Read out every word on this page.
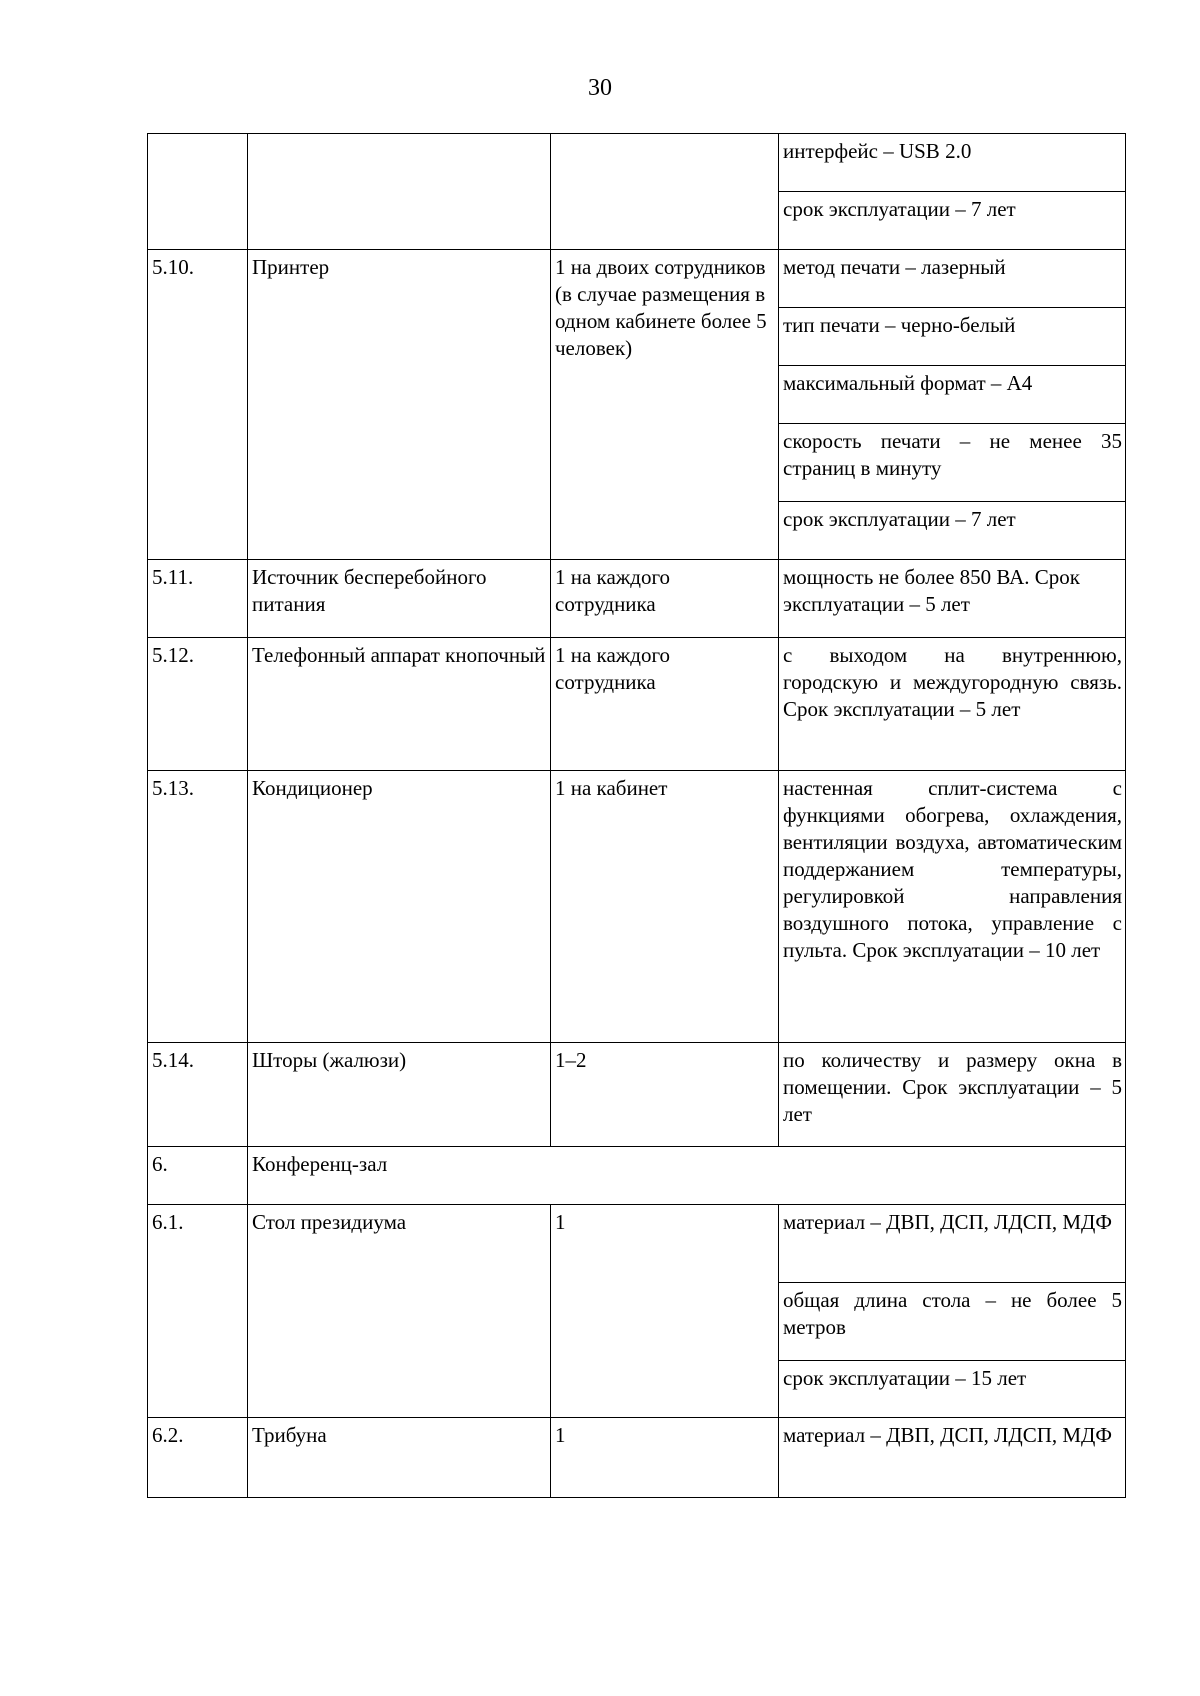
30
			интерфейс – USB 2.0
			срок эксплуатации – 7 лет
5.10.	Принтер	1 на двоих сотрудников (в случае размещения в одном кабинете более 5 человек)	метод печати – лазерный
			тип печати – черно-белый
			максимальный формат – А4
			скорость печати – не менее 35 страниц в минуту
			срок эксплуатации – 7 лет
5.11.	Источник бесперебойного питания	1 на каждого сотрудника	мощность не более 850 ВА. Срок эксплуатации – 5 лет
5.12.	Телефонный аппарат кнопочный	1 на каждого сотрудника	с выходом на внутреннюю, городскую и междугородную связь. Срок эксплуатации – 5 лет
5.13.	Кондиционер	1 на кабинет	настенная сплит-система с функциями обогрева, охлаждения, вентиляции воздуха, автоматическим поддержанием температуры, регулировкой направления воздушного потока, управление с пульта. Срок эксплуатации – 10 лет
5.14.	Шторы (жалюзи)	1–2	по количеству и размеру окна в помещении. Срок эксплуатации – 5 лет
6.	Конференц-зал		
6.1.	Стол президиума	1	материал – ДВП, ДСП, ЛДСП, МДФ
			общая длина стола – не более 5 метров
			срок эксплуатации – 15 лет
6.2.	Трибуна	1	материал – ДВП, ДСП, ЛДСП, МДФ
